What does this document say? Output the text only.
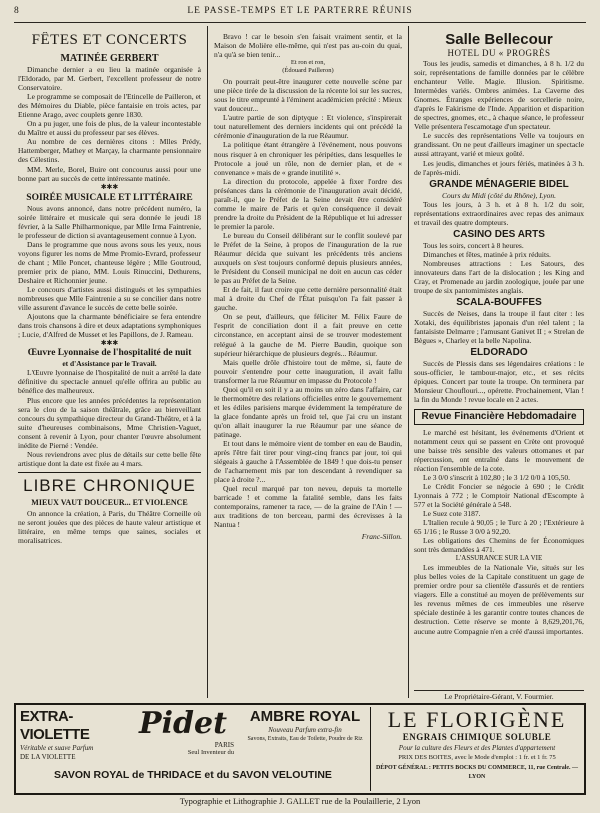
8	LE PASSE-TEMPS ET LE PARTERRE RÉUNIS
FÊTES ET CONCERTS
MATINÉE GERBERT

Dimanche dernier a eu lieu la matinée organisée à l'Eldorado, par M. Gerbert, l'excellent professeur de notre Conservatoire.

Le programme se composait de l'Etincelle de Pailleron, et des Mémoires du Diable, pièce fantaisie en trois actes, par Etienne Arago, avec couplets genre 1830.

On a pu juger, une fois de plus, de la valeur incontestable du Maître et aussi du professeur par ses élèves.

Au nombre de ces dernières citons : Mlles Prédy, Hattemberger, Mathey et Marçay, la charmante pensionnaire des Célestins.

MM. Merle, Borel, Buire ont concourus aussi pour une bonne part au succès de cette intéressante matinée.

✱✱✱
SOIRÉE MUSICALE ET LITTÉRAIRE

Nous avons annoncé, dans notre précédent numéro, la soirée littéraire et musicale qui sera donnée le jeudi 18 février, à la Salle Philharmonique, par Mlle Irma Faintrenie, le professeur de diction si avantageusement connue à Lyon.

Dans le programme que nous avons sous les yeux, nous voyons figurer les noms de Mme Promio-Evrard, professeur de chant ; Mlle Poncet, chanteuse légère ; Mlle Goutroud, premier prix de piano, MM. Louis Rinuccini, Dethurens, Deshaire et Richonnier jeune.

Le concours d'artistes aussi distingués et les sympathies nombreuses que Mlle Faintrenie a su se concilier dans notre ville assurent d'avance le succès de cette belle soirée.

Ajoutons que la charmante bénéficiaire se fera entendre dans trois chansons à dire et deux adaptations symphoniques ; Lucie, d'Alfred de Musset et les Papillons, de J. Rameau.

✱✱✱
Œuvre Lyonnaise de l'hospitalité de nuit
et d'Assistance par le Travail.

L'Œuvre lyonnaise de l'hospitalité de nuit a arrêté la date définitive du spectacle annuel qu'elle offrira au public au bénéfice des malheureux.

Plus encore que les années précédentes la représentation sera le clou de la saison théâtrale, grâce au bienveillant concours du sympathique directeur du Grand-Théâtre, et à la suite d'heureuses combinaisons, Mme Christien-Vaguet, consent à revenir à Lyon, pour chanter l'œuvre absolument inédite de Pierné : Vendée.

Nous reviendrons avec plus de détails sur cette belle fête artistique dont la date est fixée au 4 mars.

LIBRE CHRONIQUE
MIEUX VAUT DOUCEUR... ET VIOLENCE

On annonce la création, à Paris, du Théâtre Corneille où ne seront jouées que des pièces de haute valeur artistique et littéraire, en même temps que saines, sociales et moralisatrices.

Bravo ! car le besoin s'en faisait vraiment sentir, et la Maison de Molière elle-même, qui n'est pas au-coin du quai, n'a qu'à se bien tenir...

Et ron et ron,
(Édouard Pailleron)

On pourrait peut-être inaugurer cette nouvelle scène par une pièce tirée de la discussion de la récente loi sur les sucres, sous le titre emprunté à l'éminent académicien précité : Mieux vaut douceur...

L'autre partie de son diptyque : Et violence, s'inspirerait tout naturellement des derniers incidents qui ont précédé la cérémonie d'inauguration de la rue Réaumur.

La politique étant étrangère à l'événement, nous pouvons nous risquer à en chroniquer les péripéties, dans lesquelles le Protocole a joué un rôle, non de dernier plan, et de « convenance » mais de « grande inutilité ».

La direction du protocole, appelée à fixer l'ordre des préséances dans la cérémonie de l'inauguration avait décidé, paraît-il, que le Préfet de la Seine devait être considéré comme le maire de Paris et qu'en conséquence il devait prendre la droite du Président de la République et lui adresser le premier la parole.

Le bureau du Conseil délibérant sur le conflit soulevé par le Préfet de la Seine, à propos de l'inauguration de la rue Réaumur décida que suivant les précédents très anciens auxquels on s'est toujours conformé depuis plusieurs années, le Président du Conseil municipal ne doit en aucun cas céder le pas au Préfet de la Seine.

Et de fait, il faut croire que cette dernière personnalité était mal à droite du Chef de l'État puisqu'on l'a fait passer à gauche.

On se peut, d'ailleurs, que féliciter M. Félix Faure de l'esprit de conciliation dont il a fait preuve en cette circonstance, en acceptant ainsi de se trouver modestement relégué à la gauche de M. Pierre Baudin, quoique son supérieur hiérarchique de plusieurs degrés... Réaumur.

Mais quelle drôle d'histoire tout de même, si, faute de pouvoir s'entendre pour cette inauguration, il avait fallu transformer la rue Réaumur en impasse du Protocole !

Quoi qu'il en soit il y a au moins un zéro dans l'affaire, car le thermomètre des relations officielles entre le gouvernement et les édiles parisiens marque évidemment la température de la glace fondante après un froid tel, que j'ai cru un instant qu'on allait inaugurer la rue Réaumur par une séance de patinage.

Et tout dans le mémoire vient de tomber en eau de Baudin, après l'être fait tirer pour vingt-cinq francs par jour, toi qui siégeais à gauche à l'Assemblée de 1849 ! que dois-tu penser de l'acharnement mis par ton descendant à revendiquer sa place à droite ?...

Quel recul marqué par ton neveu, depuis ta mortelle barricade ! et comme la fatalité semble, dans les faits contemporains, ramener ta race, — de la graine de l'Ain ! — aux traditions de ton berceau, parmi des écrevisses à la Nantua !

Franc-Sillon.
Salle Bellecour
HOTEL DU « PROGRÈS

Tous les jeudis, samedis et dimanches, à 8 h. 1/2 du soir, représentations de famille données par le célèbre enchanteur Velle. Magie. Illusion. Spiritisme. Intermèdes variés. Ombres animées. La Caverne des Gnomes. Étranges expériences de sorcellerie noire, d'après le Fakirisme de l'Inde. Apparition et disparition de spectres, gnomes, etc., à chaque séance, le professeur Velle présentera l'escamotage d'un spectateur.

Le succès des représentations Velle va toujours en grandissant. On ne peut d'ailleurs imaginer un spectacle aussi attrayant, varié et mieux goûté.

Les jeudis, dimanches et jours fériés, matinées à 3 h. de l'après-midi.

GRANDE MÉNAGERIE BIDEL
Cours du Midi (côté du Rhône), Lyon.

Tous les jours, à 3 h. et à 8 h. 1/2 du soir, représentations extraordinaires avec repas des animaux et travail des quatre dompteurs.

CASINO DES ARTS

Tous les soirs, concert à 8 heures.

Dimanches et fêtes, matinée à prix réduits.

Nombreuses attractions : Les Satours, des innovateurs dans l'art de la dislocation ; les King and Cray, et Promenade au jardin zoologique, jouée par une troupe de six pantomimistes anglais.

SCALA-BOUFFES

Succès de Neises, dans la troupe il faut citer : les Xotaki, des équilibristes japonais d'un réel talent ; la fantaisiste Delmarre ; l'amusant Ganivet II ; « Strelan de Bègues », Charley et la belle Napolina.

ELDORADO

Succès de Plessis dans ses légendaires créations : le sous-officier, le tambour-major, etc., et ses récits épiques. Concert par toute la troupe. On terminera par Monsieur Chouflouri..., opérette. Prochainement, Vlan ! la fin du Monde ! revue locale en 2 actes.

Revue Financière Hebdomadaire

Le marché est hésitant, les événements d'Orient et notamment ceux qui se passent en Crète ont provoqué une baisse très sensible des valeurs ottomanes et par répercussion, ont entraîné dans le mouvement de réaction l'ensemble de la cote.

Le 3 0/0 s'inscrit à 102,80 ; le 3 1/2 0/0 à 105,50.

Le Crédit Foncier se négocie à 690 ; le Crédit Lyonnais à 772 ; le Comptoir National d'Escompte à 577 et la Société générale à 548.

Le Suez cote 3187.

L'Italien recule à 90,05 ; le Turc à 20 ; l'Extérieure à 65 1/16 ; le Russe 3 0/0 à 92,20.

Les obligations des Chemins de fer Économiques sont très demandées à 471.

L'ASSURANCE SUR LA VIE

Les immeubles de la Nationale Vie, situés sur les plus belles voies de la Capitale constituent un gage de premier ordre pour sa clientèle d'assurés et de rentiers viagers. Elle a constitué au moyen de prélèvements sur les revenus mêmes de ces immeubles une réserve spéciale destinée à les garantir contre toutes chances de destruction. Cette réserve se monte à 8,629,201,76, aucune autre Compagnie n'en a créé d'aussi importantes.

Le Propriétaire-Gérant, V. Fourmier.
EXTRA-VIOLETTE
Véritable et suave Parfum
DE LA VIOLETTE
Pidet
PARIS
Seul Inventeur du
AMBRE ROYAL
Nouveau Parfum extra-fin
Savons, Extraits, Eau de Toilette, Poudre de Riz
SAVON ROYAL de THRIDACE et du SAVON VELOUTINE
LE FLORIGÈNE
ENGRAIS CHIMIQUE SOLUBLE
Pour la culture des Fleurs et des Plantes d'appartement
PRIX DES BOITES, avec le Mode d'emploi : 1 fr. et 1 fr. 75
DÉPOT GÉNÉRAL : PETITS BOCKS DU COMMERCE, 11, rue Centrale. — LYON
Typographie et Lithographie J. GALLET rue de la Poulaillerie, 2 Lyon
